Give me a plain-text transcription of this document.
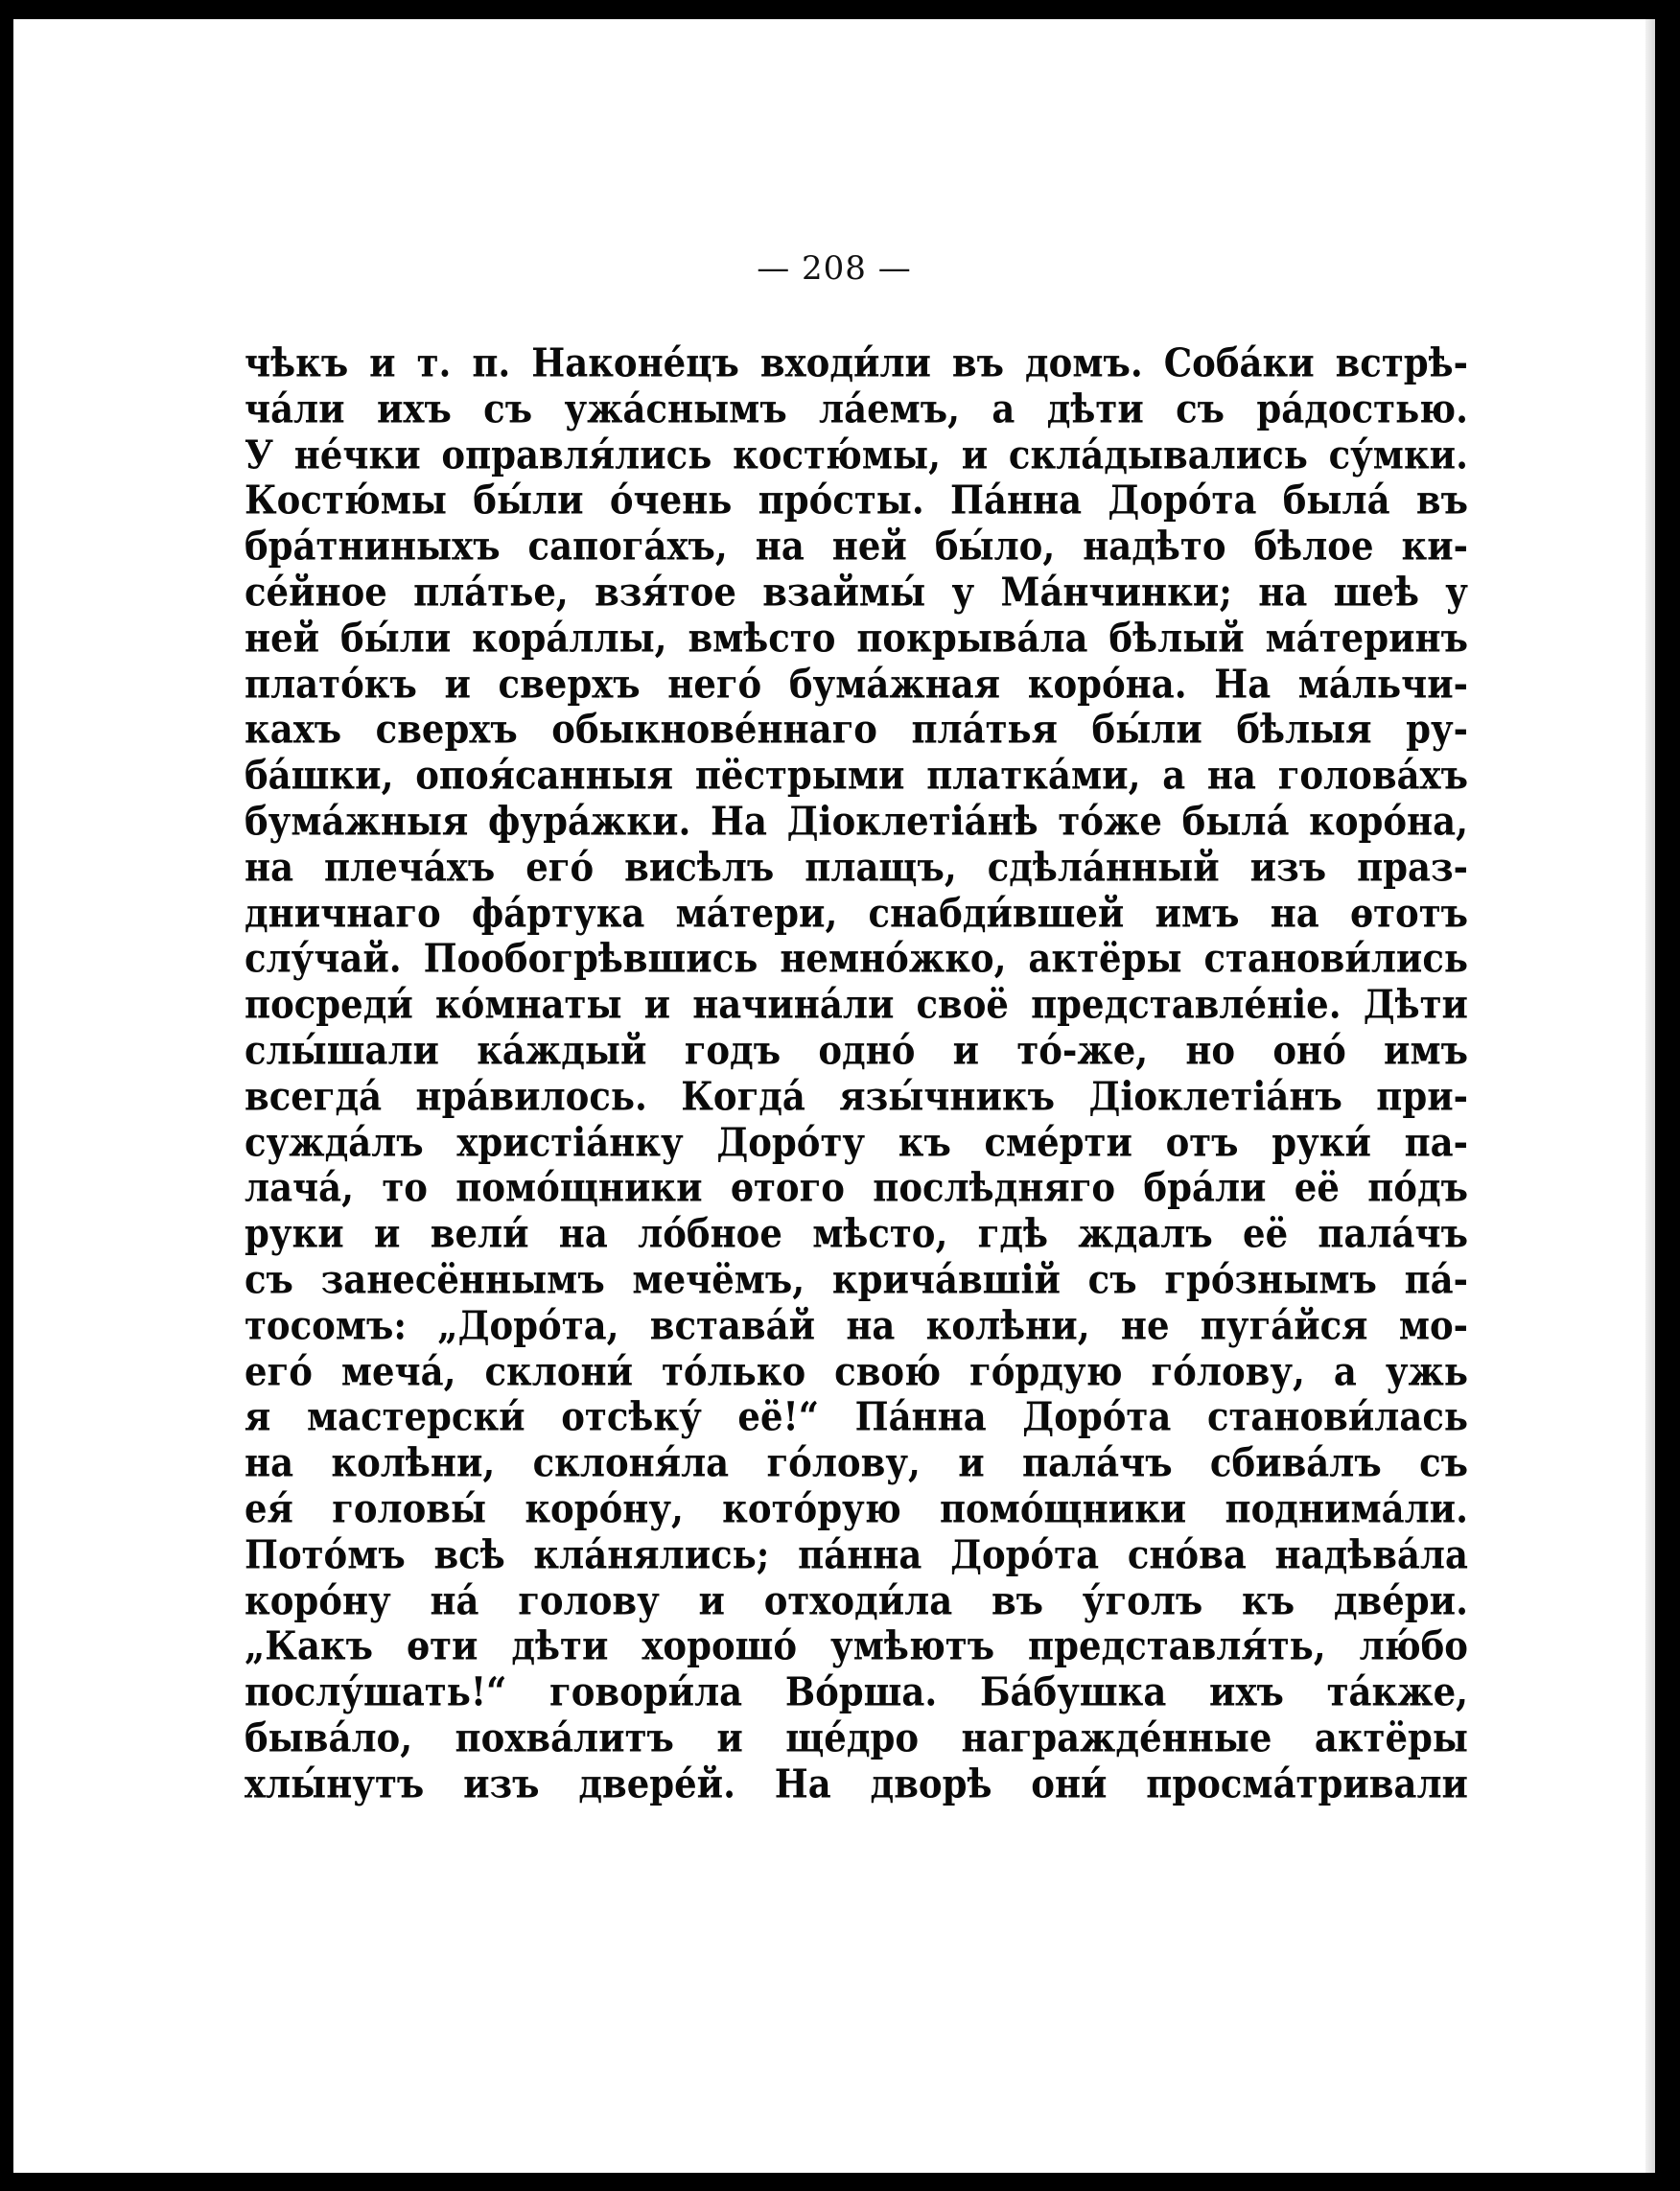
— 208 —
чѣкъ и т. п. Наконе́цъ входи́ли въ домъ. Соба́ки встрѣ-
ча́ли ихъ съ ужа́снымъ ла́емъ, а дѣти съ ра́достью.
У не́чки оправля́лись костю́мы, и скла́дывались су́мки.
Костю́мы бы́ли о́чень про́сты. Па́нна Доро́та была́ въ
бра́тниныхъ сапога́хъ, на ней бы́ло, надѣто бѣлое ки-
се́йное пла́тье, взя́тое взаймы́ у Ма́нчинки; на шеѣ у
ней бы́ли кора́ллы, вмѣсто покрыва́ла бѣлый ма́теринъ
плато́къ и сверхъ него́ бума́жная коро́на. На ма́льчи-
кахъ сверхъ обыкнове́ннаго пла́тья бы́ли бѣлыя ру-
ба́шки, опоя́санныя пёстрыми платка́ми, а на голова́хъ
бума́жныя фура́жки. На Діоклетіа́нѣ то́же была́ коро́на,
на плеча́хъ его́ висѣлъ плащъ, сдѣла́нный изъ праз-
дничнаго фа́ртука ма́тери, снабди́вшей имъ на ѳтотъ
слу́чай. Пообогрѣвшись немно́жко, актёры станови́лись
посреди́ ко́мнаты и начина́ли своё представле́ніе. Дѣти
слы́шали ка́ждый годъ одно́ и то́-же, но оно́ имъ
всегда́ нра́вилось. Когда́ язы́чникъ Діоклетіа́нъ при-
сужда́лъ христіа́нку Доро́ту къ сме́рти отъ руки́ па-
лача́, то помо́щники ѳтого послѣдняго бра́ли её по́дъ
руки и вели́ на ло́бное мѣсто, гдѣ ждалъ её пала́чъ
съ занесённымъ мечёмъ, крича́вшій съ гро́знымъ па́-
тосомъ: „Доро́та, встава́й на колѣни, не пуга́йся мо-
его́ меча́, склони́ то́лько свою́ го́рдую го́лову, а ужь
я мастерски́ отсѣку́ её!“ Па́нна Доро́та станови́лась
на колѣни, склоня́ла го́лову, и пала́чъ сбива́лъ съ
ея́ головы́ коро́ну, кото́рую помо́щники поднима́ли.
Пото́мъ всѣ кла́нялись; па́нна Доро́та сно́ва надѣва́ла
коро́ну на́ голову и отходи́ла въ у́голъ къ две́ри.
„Какъ ѳти дѣти хорошо́ умѣютъ представля́ть, лю́бо
послу́шать!“ говори́ла Во́рша. Ба́бушка ихъ та́кже,
быва́ло, похва́литъ и ще́дро награжде́нные актёры
хлы́нутъ изъ двере́й. На дворѣ они́ просма́тривали
